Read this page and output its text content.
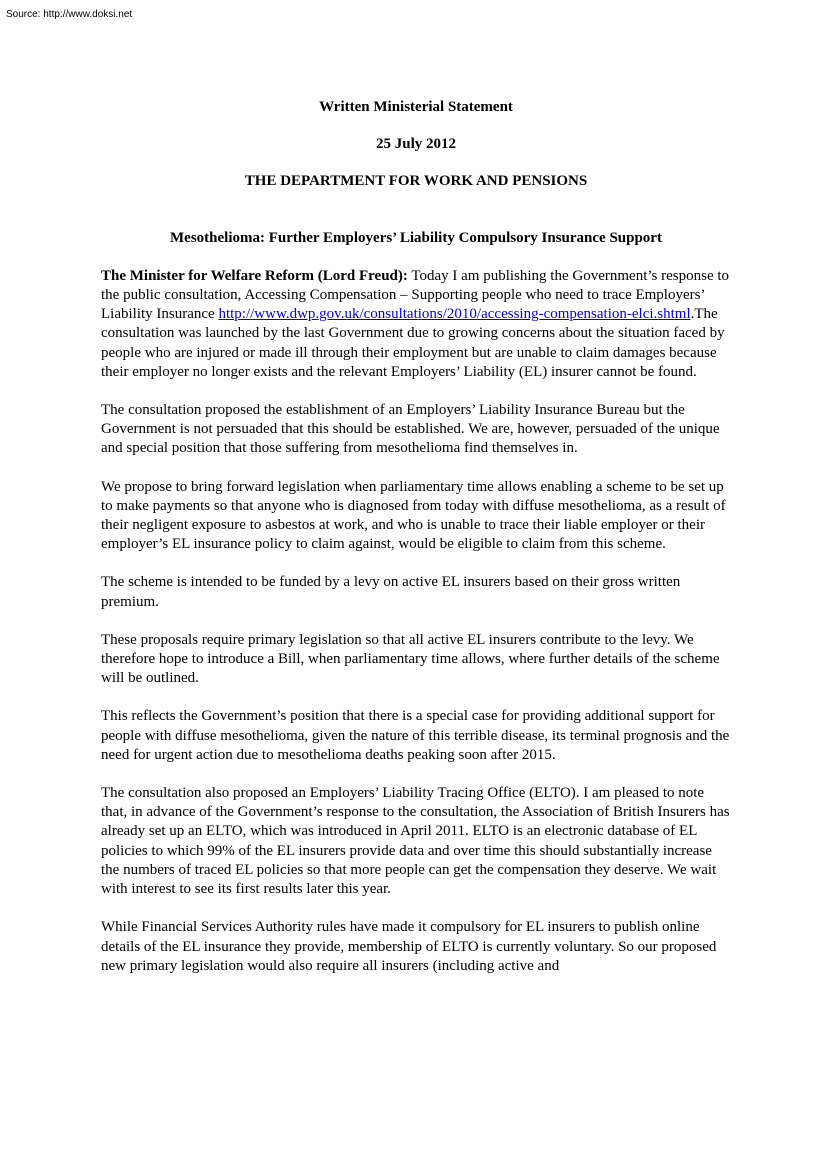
Source: http://www.doksi.net
Written Ministerial Statement
25 July 2012
THE DEPARTMENT FOR WORK AND PENSIONS
Mesothelioma: Further Employers’ Liability Compulsory Insurance Support

The Minister for Welfare Reform (Lord Freud): Today I am publishing the Government’s response to the public consultation, Accessing Compensation – Supporting people who need to trace Employers’ Liability Insurance http://www.dwp.gov.uk/consultations/2010/accessing-compensation-elci.shtml.The consultation was launched by the last Government due to growing concerns about the situation faced by people who are injured or made ill through their employment but are unable to claim damages because their employer no longer exists and the relevant Employers’ Liability (EL) insurer cannot be found.

The consultation proposed the establishment of an Employers’ Liability Insurance Bureau but the Government is not persuaded that this should be established. We are, however, persuaded of the unique and special position that those suffering from mesothelioma find themselves in.

We propose to bring forward legislation when parliamentary time allows enabling a scheme to be set up to make payments so that anyone who is diagnosed from today with diffuse mesothelioma, as a result of their negligent exposure to asbestos at work, and who is unable to trace their liable employer or their employer’s EL insurance policy to claim against, would be eligible to claim from this scheme.

The scheme is intended to be funded by a levy on active EL insurers based on their gross written premium.

These proposals require primary legislation so that all active EL insurers contribute to the levy. We therefore hope to introduce a Bill, when parliamentary time allows, where further details of the scheme will be outlined.

This reflects the Government’s position that there is a special case for providing additional support for people with diffuse mesothelioma, given the nature of this terrible disease, its terminal prognosis and the need for urgent action due to mesothelioma deaths peaking soon after 2015.

The consultation also proposed an Employers’ Liability Tracing Office (ELTO). I am pleased to note that, in advance of the Government’s response to the consultation, the Association of British Insurers has already set up an ELTO, which was introduced in April 2011. ELTO is an electronic database of EL policies to which 99% of the EL insurers provide data and over time this should substantially increase the numbers of traced EL policies so that more people can get the compensation they deserve. We wait with interest to see its first results later this year.

While Financial Services Authority rules have made it compulsory for EL insurers to publish online details of the EL insurance they provide, membership of ELTO is currently voluntary. So our proposed new primary legislation would also require all insurers (including active and
